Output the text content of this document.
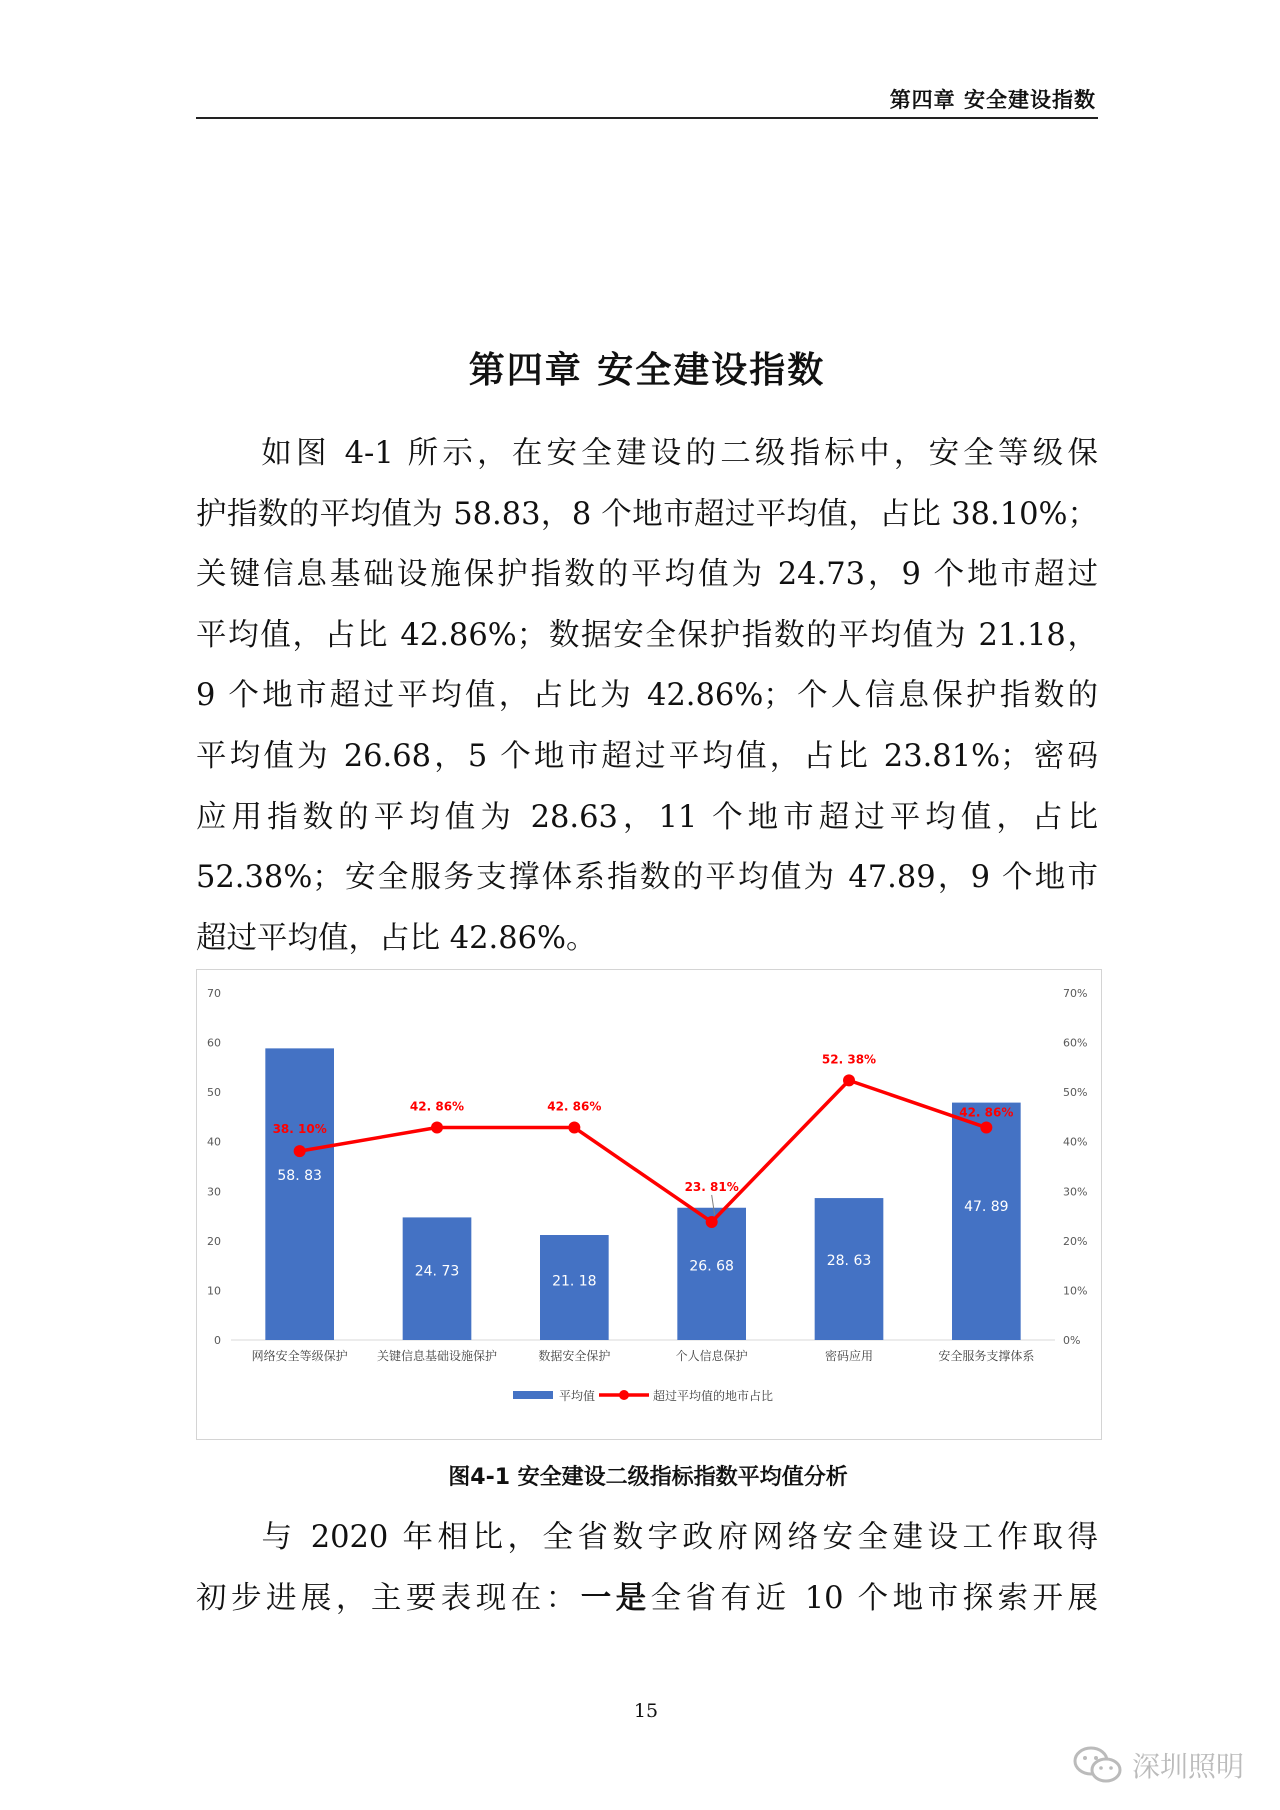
第四章 安全建设指数
第四章 安全建设指数
如图 4-1 所示，在安全建设的二级指标中，安全等级保
护指数的平均值为 58.83，8 个地市超过平均值，占比 38.10%；
关键信息基础设施保护指数的平均值为 24.73，9 个地市超过
平均值，占比 42.86%；数据安全保护指数的平均值为 21.18，
9 个地市超过平均值，占比为 42.86%；个人信息保护指数的
平均值为 26.68，5 个地市超过平均值，占比 23.81%；密码
应用指数的平均值为 28.63，11 个地市超过平均值，占比
52.38%；安全服务支撑体系指数的平均值为 47.89，9 个地市
超过平均值，占比 42.86%。
0
10
20
30
40
50
60
70
0%
10%
20%
30%
40%
50%
60%
70%
58. 83
24. 73
21. 18
26. 68	28. 63
47. 89
网络安全等级保护 关键信息基础设施保护	数据安全保护	个人信息保护	密码应用	安全服务支撑体系
38. 10%
42. 86%	42. 86%
23. 81%
52. 38%
42. 86%
平均值	超过平均值的地市占比
图4-1 安全建设二级指标指数平均值分析
与 2020 年相比，全省数字政府网络安全建设工作取得
初步进展，主要表现在：一是全省有近 10 个地市探索开展
15
深圳照明
